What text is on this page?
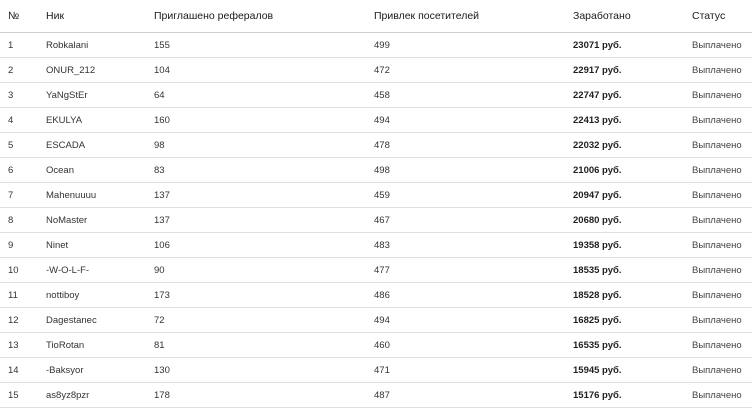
№	Ник	Приглашено рефералов	Привлек посетителей	Заработано	Статус
1	Robkalani	155	499	23071 руб.	Выплачено
2	ONUR_212	104	472	22917 руб.	Выплачено
3	YaNgStEr	64	458	22747 руб.	Выплачено
4	EKULYA	160	494	22413 руб.	Выплачено
5	ESCADA	98	478	22032 руб.	Выплачено
6	Ocean	83	498	21006 руб.	Выплачено
7	Mahenuuuu	137	459	20947 руб.	Выплачено
8	NoMaster	137	467	20680 руб.	Выплачено
9	Ninet	106	483	19358 руб.	Выплачено
10	-W-O-L-F-	90	477	18535 руб.	Выплачено
11	nottiboy	173	486	18528 руб.	Выплачено
12	Dagestanec	72	494	16825 руб.	Выплачено
13	TioRotan	81	460	16535 руб.	Выплачено
14	-Baksyor	130	471	15945 руб.	Выплачено
15	as8yz8pzr	178	487	15176 руб.	Выплачено
